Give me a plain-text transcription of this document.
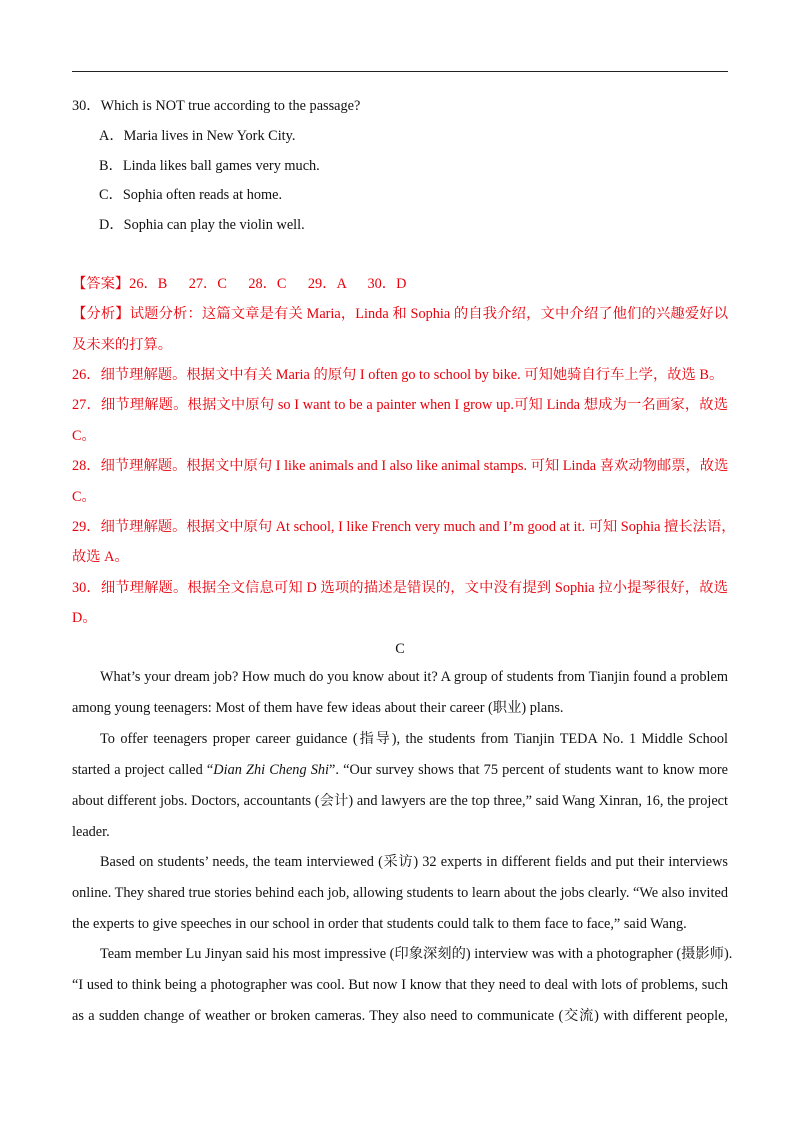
30．Which is NOT true according to the passage?
A．Maria lives in New York City.
B．Linda likes ball games very much.
C．Sophia often reads at home.
D．Sophia can play the violin well.
【答案】26．B      27．C      28．C      29．A      30．D
【分析】试题分析：这篇文章是有关 Maria，Linda 和 Sophia 的自我介绍，文中介绍了他们的兴趣爱好以
及未来的打算。
26．细节理解题。根据文中有关 Maria 的原句 I often go to school by bike. 可知她骑自行车上学，故选 B。
27．细节理解题。根据文中原句 so I want to be a painter when I grow up.可知 Linda 想成为一名画家，故选
C。
28．细节理解题。根据文中原句 I like animals and I also like animal stamps. 可知 Linda 喜欢动物邮票，故选
C。
29．细节理解题。根据文中原句 At school, I like French very much and I’m good at it. 可知 Sophia 擅长法语，
故选 A。
30．细节理解题。根据全文信息可知 D 选项的描述是错误的，文中没有提到 Sophia 拉小提琴很好，故选
D。
C
What’s your dream job? How much do you know about it? A group of students from Tianjin found a problem
among young teenagers: Most of them have few ideas about their career (职业) plans.
To offer teenagers proper career guidance (指导), the students from Tianjin TEDA No. 1 Middle School
started a project called “Dian Zhi Cheng Shi”. “Our survey shows that 75 percent of students want to know more
about different jobs. Doctors, accountants (会计) and lawyers are the top three,” said Wang Xinran, 16, the project
leader.
Based on students’ needs, the team interviewed (采访) 32 experts in different fields and put their interviews
online. They shared true stories behind each job, allowing students to learn about the jobs clearly. “We also invited
the experts to give speeches in our school in order that students could talk to them face to face,” said Wang.
Team member Lu Jinyan said his most impressive (印象深刻的) interview was with a photographer (摄影师).
“I used to think being a photographer was cool. But now I know that they need to deal with lots of problems, such
as a sudden change of weather or broken cameras. They also need to communicate (交流) with different people,
